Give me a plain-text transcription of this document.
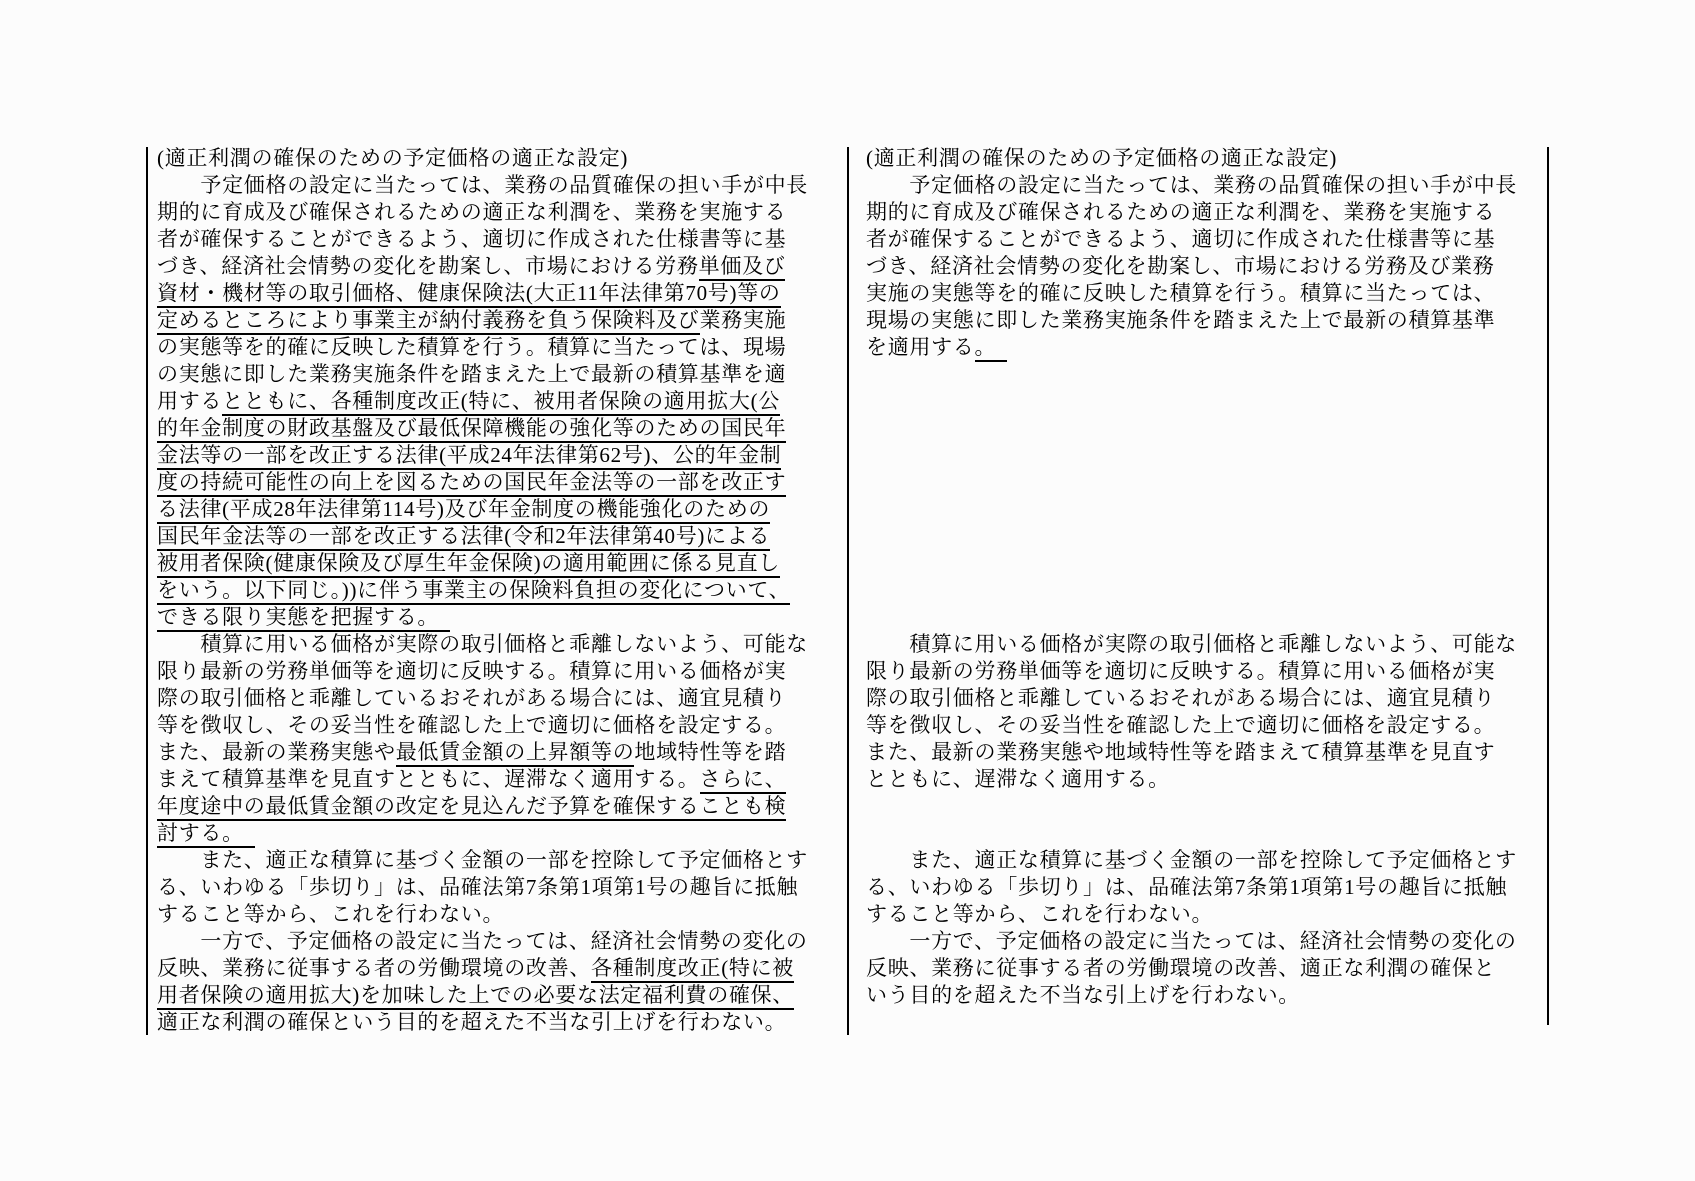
(適正利潤の確保のための予定価格の適正な設定)
　　予定価格の設定に当たっては、業務の品質確保の担い手が中長
期的に育成及び確保されるための適正な利潤を、業務を実施する
者が確保することができるよう、適切に作成された仕様書等に基
づき、経済社会情勢の変化を勘案し、市場における労務単価及び
資材・機材等の取引価格、健康保険法(大正11年法律第70号)等の
定めるところにより事業主が納付義務を負う保険料及び業務実施
の実態等を的確に反映した積算を行う。積算に当たっては、現場
の実態に即した業務実施条件を踏まえた上で最新の積算基準を適
用するとともに、各種制度改正(特に、被用者保険の適用拡大(公
的年金制度の財政基盤及び最低保障機能の強化等のための国民年
金法等の一部を改正する法律(平成24年法律第62号)、公的年金制
度の持続可能性の向上を図るための国民年金法等の一部を改正す
る法律(平成28年法律第114号)及び年金制度の機能強化のための
国民年金法等の一部を改正する法律(令和2年法律第40号)による
被用者保険(健康保険及び厚生年金保険)の適用範囲に係る見直し
をいう。以下同じ。))に伴う事業主の保険料負担の変化について、
できる限り実態を把握する。　
　　積算に用いる価格が実際の取引価格と乖離しないよう、可能な
限り最新の労務単価等を適切に反映する。積算に用いる価格が実
際の取引価格と乖離しているおそれがある場合には、適宜見積り
等を徴収し、その妥当性を確認した上で適切に価格を設定する。
また、最新の業務実態や最低賃金額の上昇額等の地域特性等を踏
まえて積算基準を見直すとともに、遅滞なく適用する。さらに、
年度途中の最低賃金額の改定を見込んだ予算を確保することも検
討する。　
　　また、適正な積算に基づく金額の一部を控除して予定価格とす
る、いわゆる「歩切り」は、品確法第7条第1項第1号の趣旨に抵触
すること等から、これを行わない。
　　一方で、予定価格の設定に当たっては、経済社会情勢の変化の
反映、業務に従事する者の労働環境の改善、各種制度改正(特に被
用者保険の適用拡大)を加味した上での必要な法定福利費の確保、
適正な利潤の確保という目的を超えた不当な引上げを行わない。
(適正利潤の確保のための予定価格の適正な設定)
　　予定価格の設定に当たっては、業務の品質確保の担い手が中長
期的に育成及び確保されるための適正な利潤を、業務を実施する
者が確保することができるよう、適切に作成された仕様書等に基
づき、経済社会情勢の変化を勘案し、市場における労務及び業務
実施の実態等を的確に反映した積算を行う。積算に当たっては、
現場の実態に即した業務実施条件を踏まえた上で最新の積算基準
を適用する。　

　　積算に用いる価格が実際の取引価格と乖離しないよう、可能な
限り最新の労務単価等を適切に反映する。積算に用いる価格が実
際の取引価格と乖離しているおそれがある場合には、適宜見積り
等を徴収し、その妥当性を確認した上で適切に価格を設定する。
また、最新の業務実態や地域特性等を踏まえて積算基準を見直す
とともに、遅滞なく適用する。

　　また、適正な積算に基づく金額の一部を控除して予定価格とす
る、いわゆる「歩切り」は、品確法第7条第1項第1号の趣旨に抵触
すること等から、これを行わない。
　　一方で、予定価格の設定に当たっては、経済社会情勢の変化の
反映、業務に従事する者の労働環境の改善、適正な利潤の確保と
いう目的を超えた不当な引上げを行わない。
